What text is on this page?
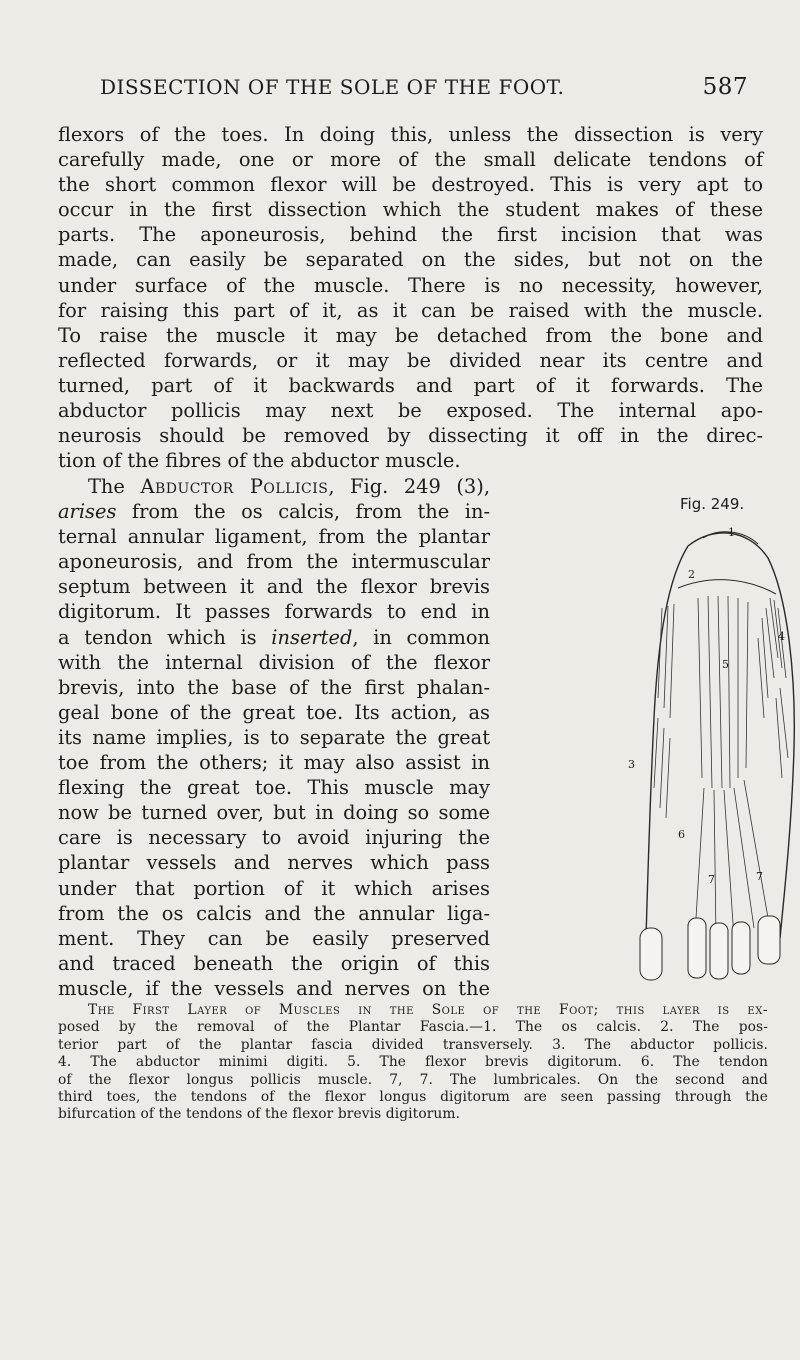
DISSECTION OF THE SOLE OF THE FOOT.	587

flexors of the toes. In doing this, unless the dissection is very
carefully made, one or more of the small delicate tendons of
the short common flexor will be destroyed. This is very apt to
occur in the first dissection which the student makes of these
parts. The aponeurosis, behind the first incision that was
made, can easily be separated on the sides, but not on the
under surface of the muscle. There is no necessity, however,
for raising this part of it, as it can be raised with the muscle.
To raise the muscle it may be detached from the bone and
reflected forwards, or it may be divided near its centre and
turned, part of it backwards and part of it forwards. The
abductor pollicis may next be exposed. The internal apo-
neurosis should be removed by dissecting it off in the direc-
tion of the fibres of the abductor muscle.

The Abductor Pollicis, Fig. 249 (3),
arises from the os calcis, from the in-
ternal annular ligament, from the plantar
aponeurosis, and from the intermuscular
septum between it and the flexor brevis
digitorum. It passes forwards to end in
a tendon which is inserted, in common
with the internal division of the flexor
brevis, into the base of the first phalan-
geal bone of the great toe. Its action, as
its name implies, is to separate the great
toe from the others; it may also assist in
flexing the great toe. This muscle may
now be turned over, but in doing so some
care is necessary to avoid injuring the
plantar vessels and nerves which pass
under that portion of it which arises
from the os calcis and the annular liga-
ment. They can be easily preserved
and traced beneath the origin of this
muscle, if the vessels and nerves on the
Fig. 249.
1
2
3
4
5
6
7	7
The First Layer of Muscles in the Sole of the Foot; this layer is ex-
posed by the removal of the Plantar Fascia.—1. The os calcis. 2. The pos-
terior part of the plantar fascia divided transversely. 3. The abductor pollicis.
4. The abductor minimi digiti. 5. The flexor brevis digitorum. 6. The tendon
of the flexor longus pollicis muscle. 7, 7. The lumbricales. On the second and
third toes, the tendons of the flexor longus digitorum are seen passing through the
bifurcation of the tendons of the flexor brevis digitorum.
